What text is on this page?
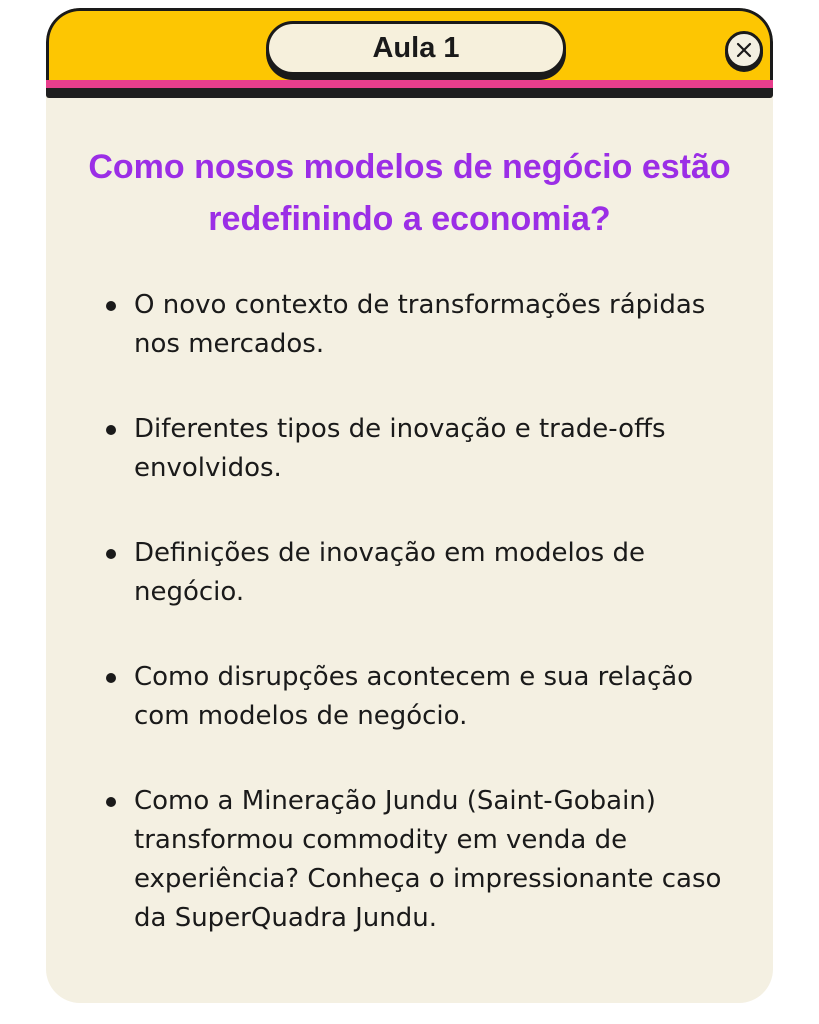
Aula 1
Como nosos modelos de negócio estão redefinindo a economia?
O novo contexto de transformações rápidas nos mercados.
Diferentes tipos de inovação e trade-offs envolvidos.
Definições de inovação em modelos de negócio.
Como disrupções acontecem e sua relação com modelos de negócio.
Como a Mineração Jundu (Saint-Gobain) transformou commodity em venda de experiência? Conheça o impressionante caso da SuperQuadra Jundu.
